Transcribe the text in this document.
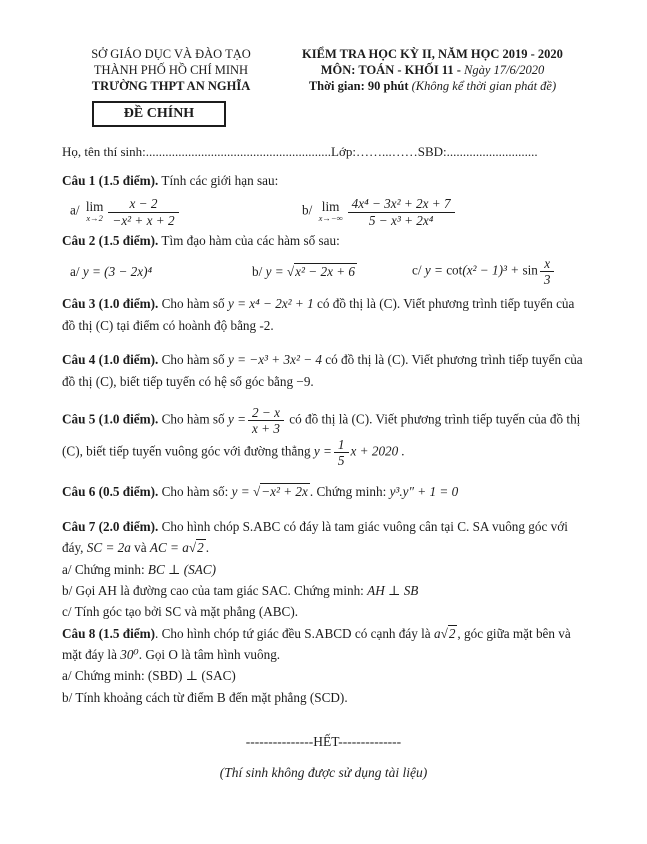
SỞ GIÁO DỤC VÀ ĐÀO TẠO
THÀNH PHỐ HỒ CHÍ MINH
TRƯỜNG THPT AN NGHĨA
ĐỀ CHÍNH
KIỂM TRA HỌC KỲ II, NĂM HỌC 2019 - 2020
MÔN: TOÁN - KHỐI 11 - Ngày 17/6/2020
Thời gian: 90 phút (Không kể thời gian phát đề)
Họ, tên thí sinh:.........................................................Lớp:……...……SBD:............................
Câu 1 (1.5 điểm). Tính các giới hạn sau:
a/ lim
$x\to 2 \frac{x - 2}{\text{−x² + x + 2}}$	b/ lim
$x\to-\infty \frac{\text{4x⁴ − 3x² + 2x + 7}}{\text{5 − x³ + 2x⁴}}$
Câu 2 (1.5 điểm). Tìm đạo hàm của các hàm số sau:
a/ y = (3 − 2x)⁴	b/ y = √x² − 2x + 6	c/ $y = \cot(x^2 - 1)^3 + \sin \frac{x}{3}$

Câu 3 (1.0 điểm). Cho hàm số y = x⁴ − 2x² + 1 có đồ thị là (C). Viết phương trình tiếp tuyến của đồ thị (C) tại điểm có hoành độ bằng -2.

Câu 4 (1.0 điểm). Cho hàm số y = −x³ + 3x² − 4 có đồ thị là (C). Viết phương trình tiếp tuyến của đồ thị (C), biết tiếp tuyến có hệ số góc bằng −9.

Câu 5 (1.0 điểm). Cho hàm số $y = \frac{2 - x}{x + 3}$ có đồ thị là (C). Viết phương trình tiếp tuyến của đồ thị (C), biết tiếp tuyến vuông góc với đường thẳng $y = \frac{1}{5}$ x + 2020 .

Câu 6 (0.5 điểm). Cho hàm số: y = √−x² + 2x . Chứng minh: y³.y″ + 1 = 0

Câu 7 (2.0 điểm). Cho hình chóp S.ABC có đáy là tam giác vuông cân tại C. SA vuông góc với đáy, SC = 2a và AC = a√2 .

a/ Chứng minh: BC ⊥ (SAC)

b/ Gọi AH là đường cao của tam giác SAC. Chứng minh: AH ⊥ SB

c/ Tính góc tạo bởi SC và mặt phẳng (ABC).

Câu 8 (1.5 điểm). Cho hình chóp tứ giác đều S.ABCD có cạnh đáy là a√2 , góc giữa mặt bên và mặt đáy là 30⁰. Gọi O là tâm hình vuông.

a/ Chứng minh: (SBD) ⊥ (SAC)

b/ Tính khoảng cách từ điểm B đến mặt phẳng (SCD).

---------------HẾT--------------
(Thí sinh không được sử dụng tài liệu)
